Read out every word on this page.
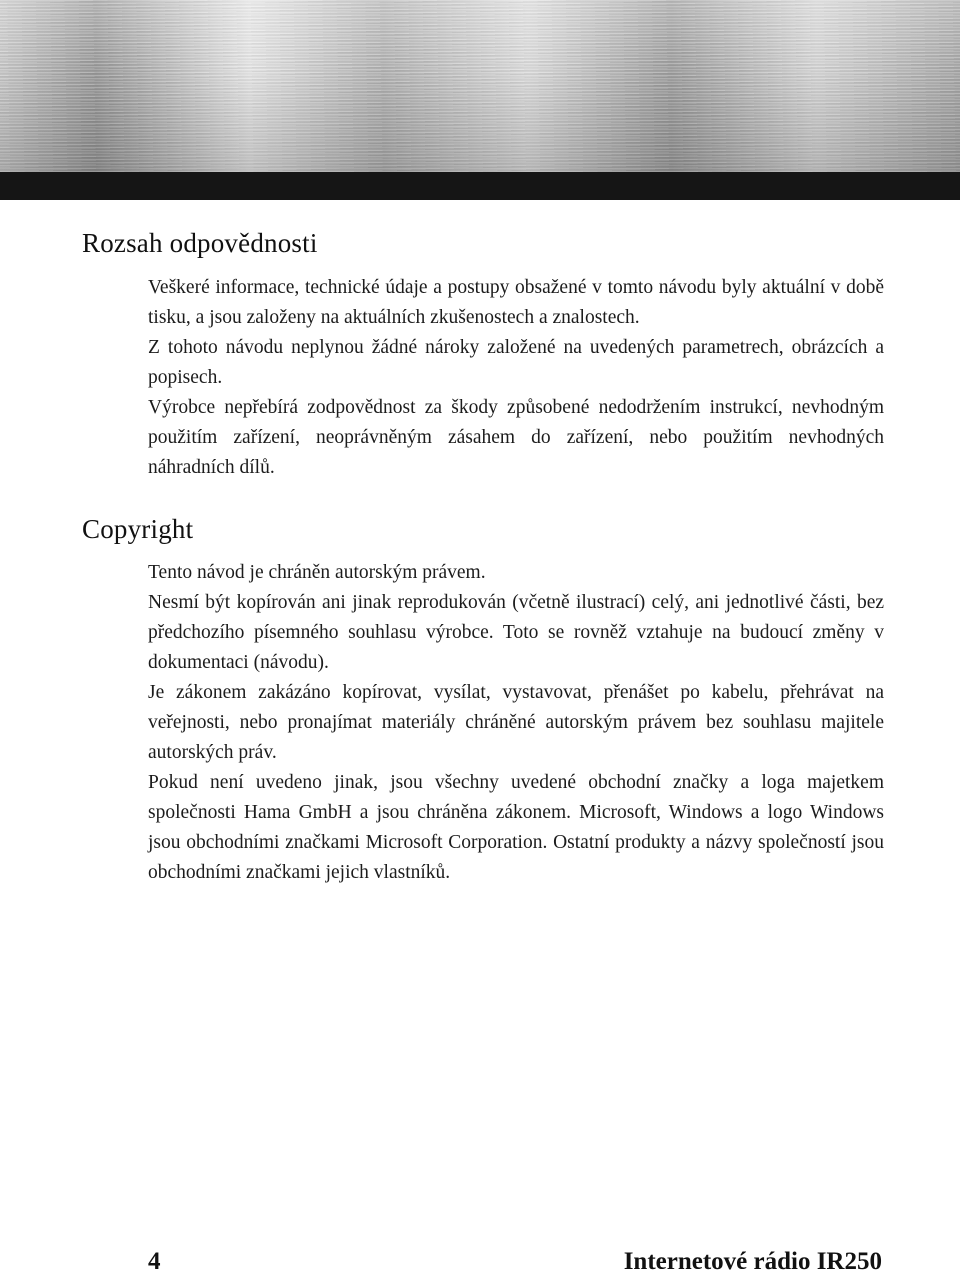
Rozsah odpovědnosti

Veškeré informace, technické údaje a postupy obsažené v tomto návodu byly aktuální v době tisku, a jsou založeny na aktuálních zkušenostech a znalostech.

Z tohoto návodu neplynou žádné nároky založené na uvedených parametrech, obrázcích a popisech.

Výrobce nepřebírá zodpovědnost za škody způsobené nedodržením instrukcí, nevhodným použitím zařízení, neoprávněným zásahem do zařízení, nebo použitím nevhodných náhradních dílů.

Copyright

Tento návod je chráněn autorským právem.

Nesmí být kopírován ani jinak reprodukován (včetně ilustrací) celý, ani jednotlivé části, bez předchozího písemného souhlasu výrobce. Toto se rovněž vztahuje na budoucí změny v dokumentaci (návodu).

Je zákonem zakázáno kopírovat, vysílat, vystavovat, přenášet po kabelu, přehrávat na veřejnosti, nebo pronajímat materiály chráněné autorským právem bez souhlasu majitele autorských práv.

Pokud není uvedeno jinak, jsou všechny uvedené obchodní značky a loga majetkem společnosti Hama GmbH a jsou chráněna zákonem. Microsoft, Windows a logo Windows jsou obchodními značkami Microsoft Corporation. Ostatní produkty a názvy společností jsou obchodními značkami jejich vlastníků.

4	Internetové rádio IR250
